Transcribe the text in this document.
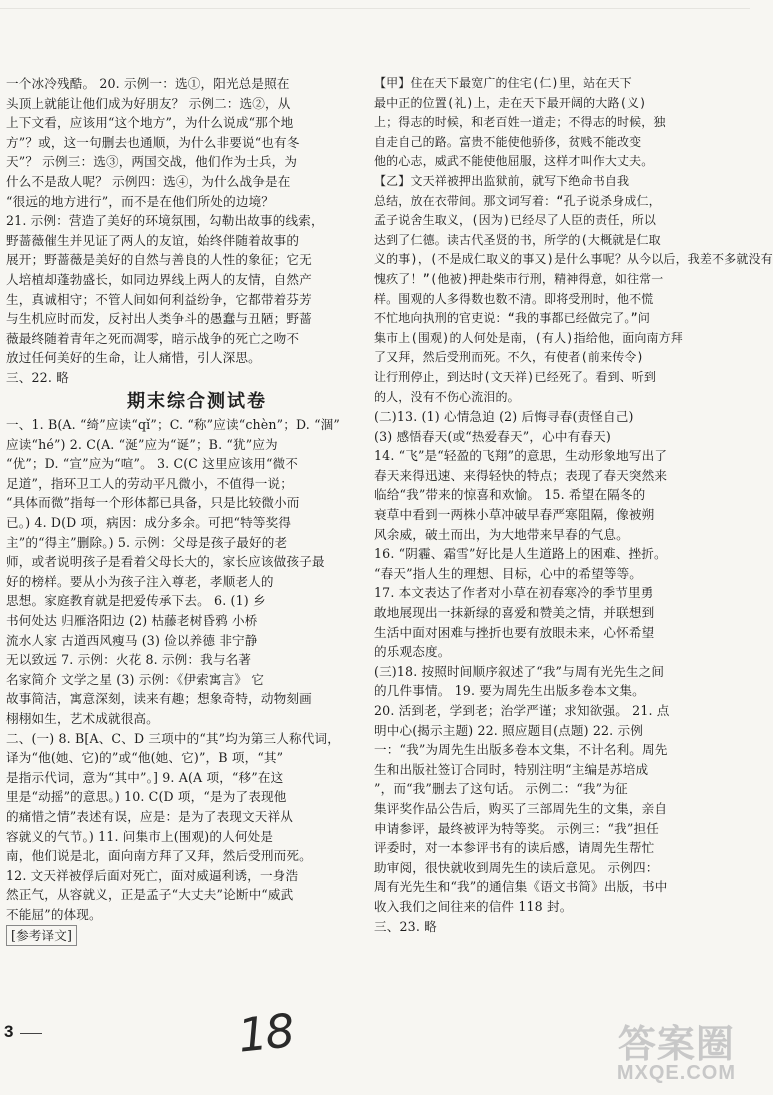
一个冰冷残酷。 20. 示例一：选①，阳光总是照在

头顶上就能让他们成为好朋友？ 示例二：选②，从

上下文看，应该用“这个地方”，为什么说成“那个地

方”？或，这一句删去也通顺，为什么非要说“也有冬

天”？ 示例三：选③，两国交战，他们作为士兵，为

什么不是敌人呢？ 示例四：选④，为什么战争是在

“很远的地方进行”，而不是在他们所处的边境？

21. 示例：营造了美好的环境氛围，勾勒出故事的线索，

野蔷薇催生并见证了两人的友谊，始终伴随着故事的

展开；野蔷薇是美好的自然与善良的人性的象征；它无

人培植却蓬勃盛长，如同边界线上两人的友情，自然产

生，真诚相守；不管人间如何利益纷争，它都带着芬芳

与生机应时而发，反衬出人类争斗的愚蠢与丑陋；野蔷

薇最终随着青年之死而凋零，暗示战争的死亡之吻不

放过任何美好的生命，让人痛惜，引人深思。

三、22. 略

期末综合测试卷

一、1. B(A. “绮”应读“qǐ”；C. “称”应读“chèn”；D. “涸”

应读“hé”) 2. C(A. “涎”应为“诞”；B. “犹”应为

“优”；D. “宣”应为“喧”。 3. C(C 这里应该用“微不

足道”，指环卫工人的劳动平凡微小，不值得一说；

“具体而微”指每一个形体都已具备，只是比较微小而

已。) 4. D(D 项，病因：成分多余。可把“特等奖得

主”的“得主”删除。) 5. 示例：父母是孩子最好的老

师，或者说明孩子是看着父母长大的，家长应该做孩子最

好的榜样。要从小为孩子注入尊老，孝顺老人的

思想。家庭教育就是把爱传承下去。 6. (1) 乡

书何处达 归雁洛阳边 (2) 枯藤老树昏鸦 小桥

流水人家 古道西风瘦马 (3) 俭以养德 非宁静

无以致远 7. 示例：火花 8. 示例：我与名著

名家简介 文学之星 (3) 示例：《伊索寓言》 它

故事简洁，寓意深刻，读来有趣；想象奇特，动物刻画

栩栩如生，艺术成就很高。

二、(一) 8. B[A、C、D 三项中的“其”均为第三人称代词，

译为“他(她、它)的”或“他(她、它)”，B 项，“其”

是指示代词，意为“其中”。] 9. A(A 项，“移”在这

里是“动摇”的意思。) 10. C(D 项，“是为了表现他

的痛惜之情”表述有误，应是：是为了表现文天祥从

容就义的气节。) 11. 问集市上(围观)的人何处是

南，他们说是北，面向南方拜了又拜，然后受刑而死。

12. 文天祥被俘后面对死亡，面对威逼利诱，一身浩

然正气，从容就义，正是孟子“大丈夫”论断中“威武

不能屈”的体现。

[参考译文]

【甲】住在天下最宽广的住宅(仁)里，站在天下

最中正的位置(礼)上，走在天下最开阔的大路(义)

上；得志的时候，和老百姓一道走；不得志的时候，独

自走自己的路。富贵不能使他骄侈，贫贱不能改变

他的心志，威武不能使他屈服，这样才叫作大丈夫。

【乙】文天祥被押出监狱前，就写下绝命书自我

总结，放在衣带间。那文词写着：“孔子说杀身成仁，

孟子说舍生取义，(因为)已经尽了人臣的责任，所以

达到了仁德。读古代圣贤的书，所学的(大概就是仁取

义的事)，(不是成仁取义的事又)是什么事呢？从今以后，我差不多就没有

愧疚了！”(他被)押赴柴市行刑，精神得意，如往常一

样。围观的人多得数也数不清。即将受刑时，他不慌

不忙地向执刑的官吏说：“我的事都已经做完了。”问

集市上(围观)的人何处是南，(有人)指给他，面向南方拜

了又拜，然后受刑而死。不久，有使者(前来传令)

让行刑停止，到达时(文天祥)已经死了。看到、听到

的人，没有不伤心流泪的。

(二)13. (1) 心情急迫 (2) 后悔寻春(责怪自己)

(3) 感悟春天(或“热爱春天”，心中有春天)

14. “飞”是“轻盈的飞翔”的意思，生动形象地写出了

春天来得迅速、来得轻快的特点；表现了春天突然来

临给“我”带来的惊喜和欢愉。 15. 希望在隔冬的

衰草中看到一两株小草冲破早春严寒阻隔，像被朔

风余威，破土而出，为大地带来早春的气息。

16. “阴霾、霜雪”好比是人生道路上的困难、挫折。

“春天”指人生的理想、目标，心中的希望等等。

17. 本文表达了作者对小草在初春寒冷的季节里勇

敢地展现出一抹新绿的喜爱和赞美之情，并联想到

生活中面对困难与挫折也要有放眼未来，心怀希望

的乐观态度。

(三)18. 按照时间顺序叙述了“我”与周有光先生之间

的几件事情。 19. 要为周先生出版多卷本文集。

20. 活到老，学到老；治学严谨；求知欲强。 21. 点

明中心(揭示主题) 22. 照应题目(点题) 22. 示例

一：“我”为周先生出版多卷本文集，不计名利。周先

生和出版社签订合同时，特别注明“主编是苏培成

”，而“我”删去了这句话。 示例二：“我”为征

集评奖作品公告后，购买了三部周先生的文集，亲自

申请参评，最终被评为特等奖。 示例三：“我”担任

评委时，对一本参评书有的读后感，请周先生帮忙

助审阅，很快就收到周先生的读后意见。 示例四：

周有光先生和“我”的通信集《语文书简》出版，书中

收入我们之间往来的信件 118 封。

三、23. 略

3	18	答案圈
MXQE.COM
